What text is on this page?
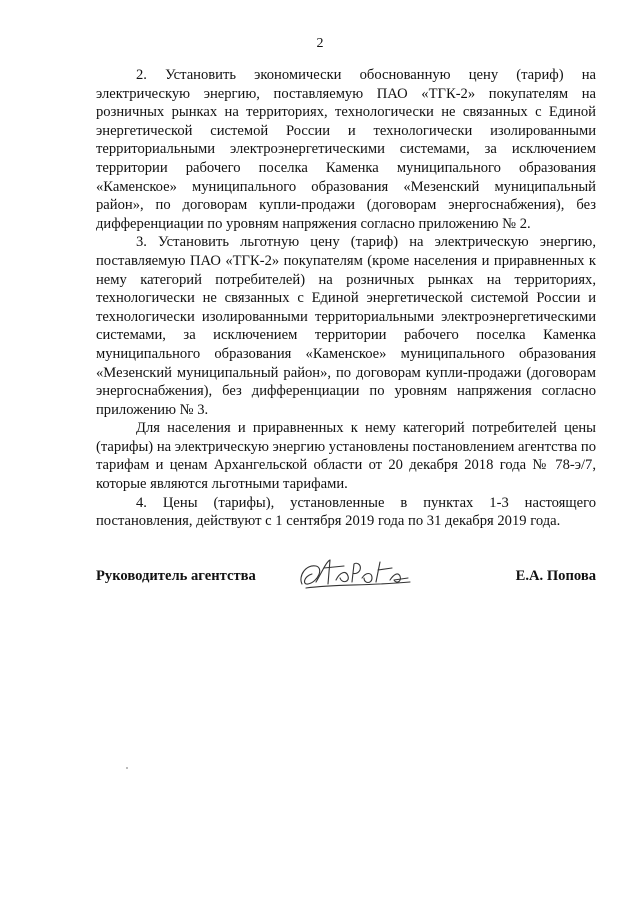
2

2. Установить экономически обоснованную цену (тариф) на электрическую энергию, поставляемую ПАО «ТГК-2» покупателям на розничных рынках на территориях, технологически не связанных с Единой энергетической системой России и технологически изолированными территориальными электроэнергетическими системами, за исключением территории рабочего поселка Каменка муниципального образования «Каменское» муниципального образования «Мезенский муниципальный район», по договорам купли-продажи (договорам энергоснабжения), без дифференциации по уровням напряжения согласно приложению № 2.

3. Установить льготную цену (тариф) на электрическую энергию, поставляемую ПАО «ТГК-2» покупателям (кроме населения и приравненных к нему категорий потребителей) на розничных рынках на территориях, технологически не связанных с Единой энергетической системой России и технологически изолированными территориальными электроэнергетическими системами, за исключением территории рабочего поселка Каменка муниципального образования «Каменское» муниципального образования «Мезенский муниципальный район», по договорам купли-продажи (договорам энергоснабжения), без дифференциации по уровням напряжения согласно приложению № 3.

Для населения и приравненных к нему категорий потребителей цены (тарифы) на электрическую энергию установлены постановлением агентства по тарифам и ценам Архангельской области от 20 декабря 2018 года № 78-э/7, которые являются льготными тарифами.

4. Цены (тарифы), установленные в пунктах 1-3 настоящего постановления, действуют с 1 сентября 2019 года по 31 декабря 2019 года.

Руководитель агентства	Е.А. Попова
